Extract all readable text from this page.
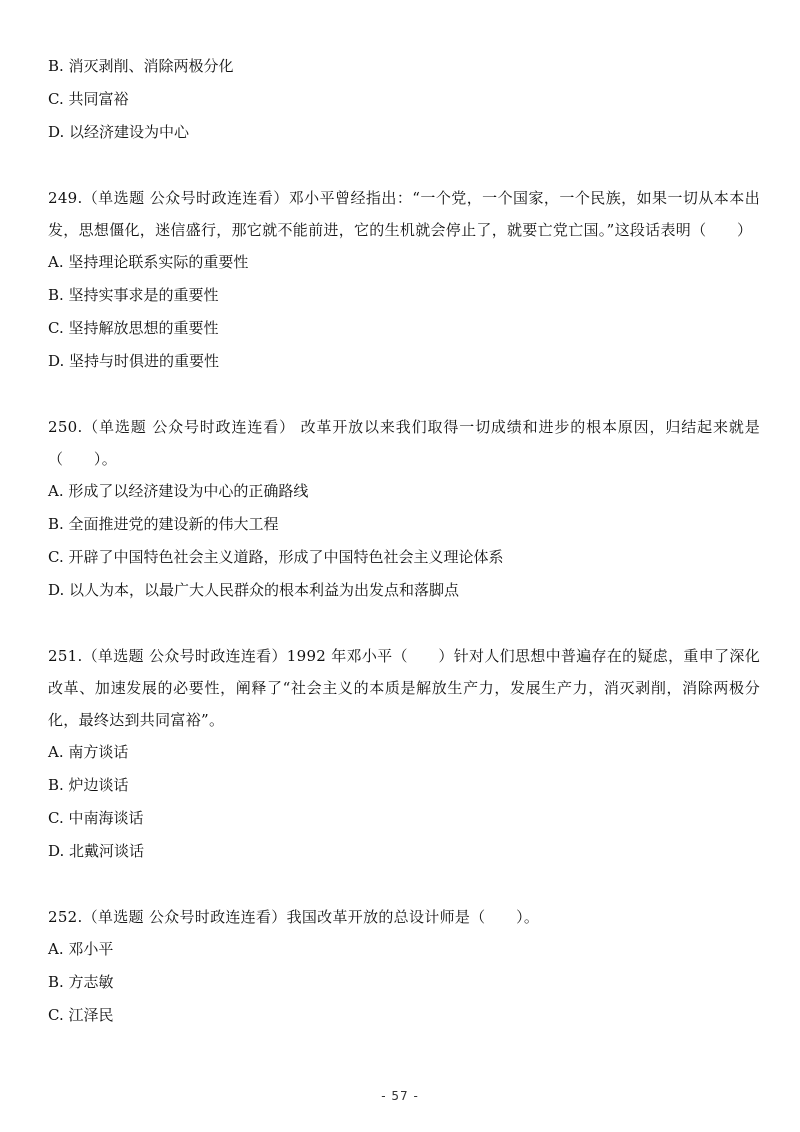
B. 消灭剥削、消除两极分化

C. 共同富裕

D. 以经济建设为中心

249.（单选题 公众号时政连连看）邓小平曾经指出：“一个党，一个国家，一个民族，如果一切从本本出发，思想僵化，迷信盛行，那它就不能前进，它的生机就会停止了，就要亡党亡国。”这段话表明（　　）

A. 坚持理论联系实际的重要性

B. 坚持实事求是的重要性

C. 坚持解放思想的重要性

D. 坚持与时俱进的重要性

250.（单选题 公众号时政连连看） 改革开放以来我们取得一切成绩和进步的根本原因，归结起来就是（　　）。

A. 形成了以经济建设为中心的正确路线

B. 全面推进党的建设新的伟大工程

C. 开辟了中国特色社会主义道路，形成了中国特色社会主义理论体系

D. 以人为本，以最广大人民群众的根本利益为出发点和落脚点

251.（单选题 公众号时政连连看）1992 年邓小平（　　）针对人们思想中普遍存在的疑虑，重申了深化改革、加速发展的必要性，阐释了“社会主义的本质是解放生产力，发展生产力，消灭剥削，消除两极分化，最终达到共同富裕”。

A. 南方谈话

B. 炉边谈话

C. 中南海谈话

D. 北戴河谈话

252.（单选题 公众号时政连连看）我国改革开放的总设计师是（　　）。

A. 邓小平

B. 方志敏

C. 江泽民

- 57 -
